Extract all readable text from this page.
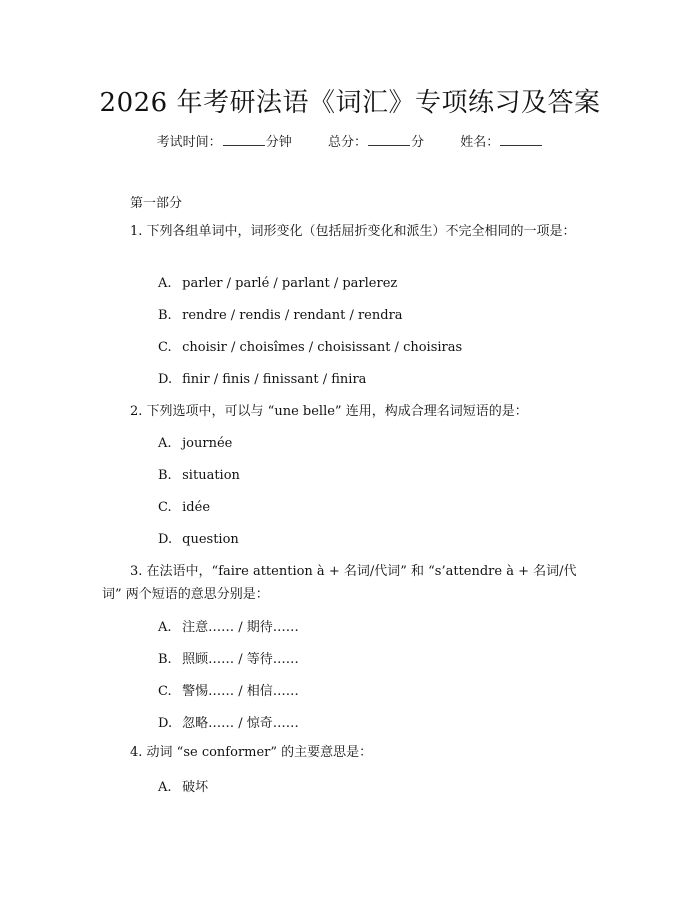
2026 年考研法语《词汇》专项练习及答案
考试时间：	分钟	总分：	分	姓名：
第一部分
1. 下列各组单词中，词形变化（包括屈折变化和派生）不完全相同的一项是：
A. parler / parlé / parlant / parlerez
B. rendre / rendis / rendant / rendra
C. choisir / choisîmes / choisissant / choisiras
D. finir / finis / finissant / finira
2. 下列选项中，可以与 “une belle” 连用，构成合理名词短语的是：
A. journée
B. situation
C. idée
D. question
3. 在法语中，“faire attention à + 名词/代词” 和 “s’attendre à + 名词/代词” 两个短语的意思分别是：
A. 注意…… / 期待……
B. 照顾…… / 等待……
C. 警惕…… / 相信……
D. 忽略…… / 惊奇……
4. 动词 “se conformer” 的主要意思是：
A. 破坏
